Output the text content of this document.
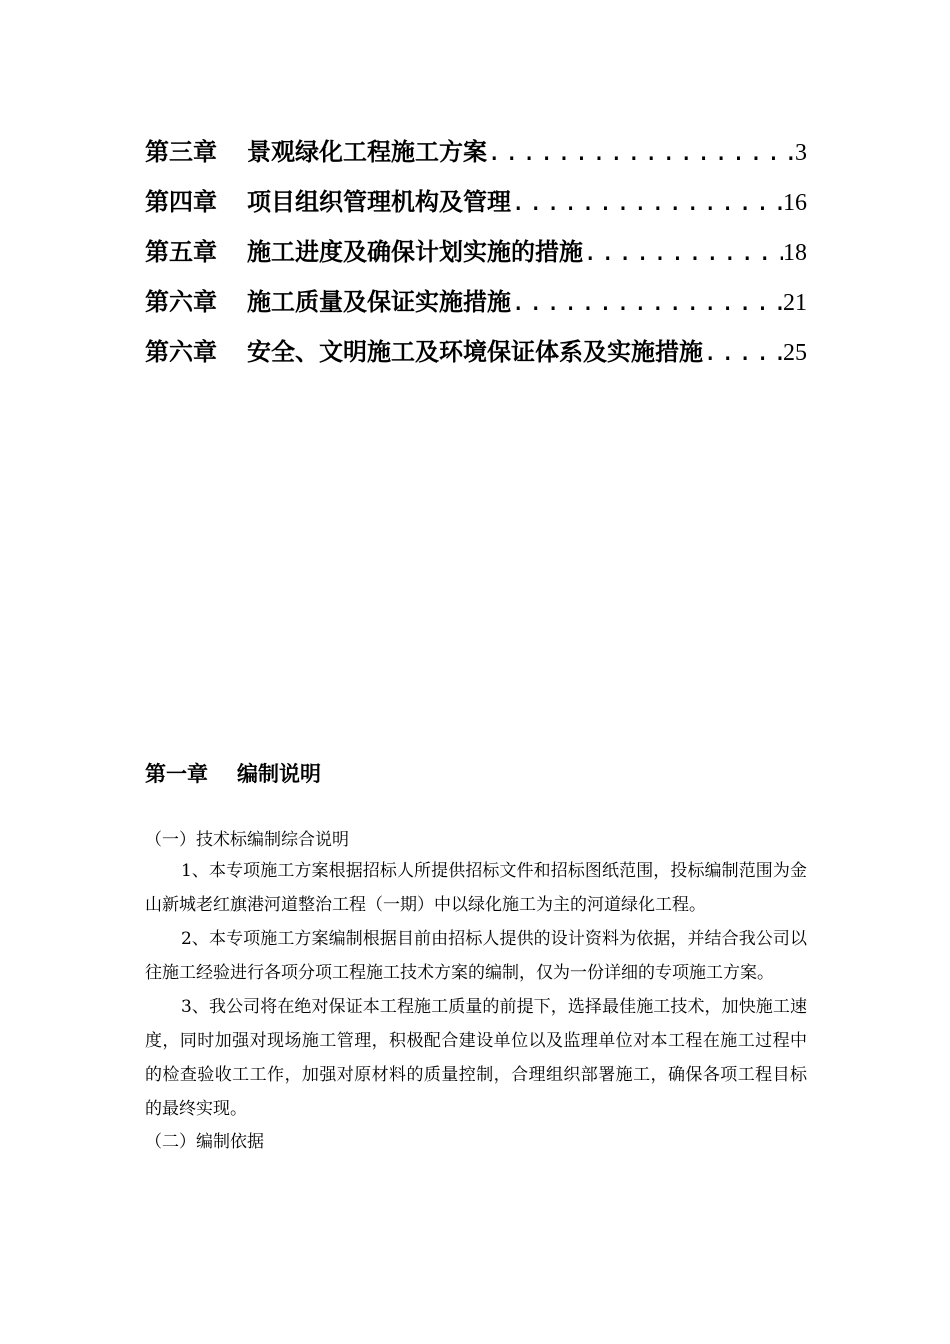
第三章	景观绿化工程施工方案 .....	3
第四章	项目组织管理机构及管理 .....	16
第五章	施工进度及确保计划实施的措施 .....	18
第六章	施工质量及保证实施措施 .....	21
第六章	安全、文明施工及环境保证体系及实施措施 .....	25
第一章 编制说明
（一）技术标编制综合说明

1、本专项施工方案根据招标人所提供招标文件和招标图纸范围，投标编制范围为金山新城老红旗港河道整治工程（一期）中以绿化施工为主的河道绿化工程。

2、本专项施工方案编制根据目前由招标人提供的设计资料为依据，并结合我公司以往施工经验进行各项分项工程施工技术方案的编制，仅为一份详细的专项施工方案。

3、我公司将在绝对保证本工程施工质量的前提下，选择最佳施工技术，加快施工速度，同时加强对现场施工管理，积极配合建设单位以及监理单位对本工程在施工过程中的检查验收工工作，加强对原材料的质量控制，合理组织部署施工，确保各项工程目标的最终实现。

（二）编制依据
